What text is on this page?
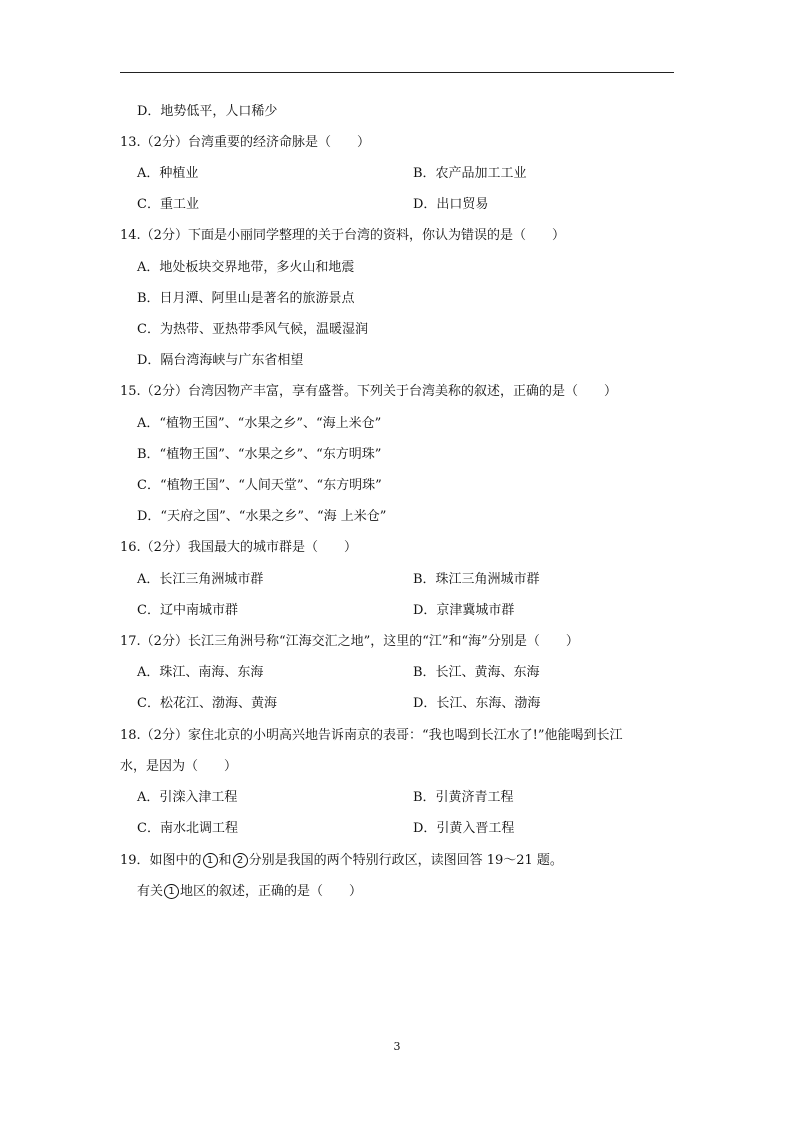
D．地势低平，人口稀少
13.（2分）台湾重要的经济命脉是（　　）
A．种植业	B．农产品加工工业
C．重工业	D．出口贸易
14.（2分）下面是小丽同学整理的关于台湾的资料，你认为错误的是（　　）
A．地处板块交界地带，多火山和地震
B．日月潭、阿里山是著名的旅游景点
C．为热带、亚热带季风气候，温暖湿润
D．隔台湾海峡与广东省相望
15.（2分）台湾因物产丰富，享有盛誉。下列关于台湾美称的叙述，正确的是（　　）
A．“植物王国”、“水果之乡”、“海上米仓”
B．“植物王国”、“水果之乡”、“东方明珠”
C．“植物王国”、“人间天堂”、“东方明珠”
D．“天府之国”、“水果之乡”、“海 上米仓”
16.（2分）我国最大的城市群是（　　）
A．长江三角洲城市群	B．珠江三角洲城市群
C．辽中南城市群	D．京津冀城市群
17.（2分）长江三角洲号称“江海交汇之地”，这里的“江”和“海”分别是（　　）
A．珠江、南海、东海	B．长江、黄海、东海
C．松花江、渤海、黄海	D．长江、东海、渤海
18.（2分）家住北京的小明高兴地告诉南京的表哥：“我也喝到长江水了!”他能喝到长江
水，是因为（　　）
A．引滦入津工程	B．引黄济青工程
C．南水北调工程	D．引黄入晋工程
19．如图中的 1 和 2 分别是我国的两个特别行政区，读图回答 19～21 题。
有关 1 地区的叙述，正确的是（　　）
3
